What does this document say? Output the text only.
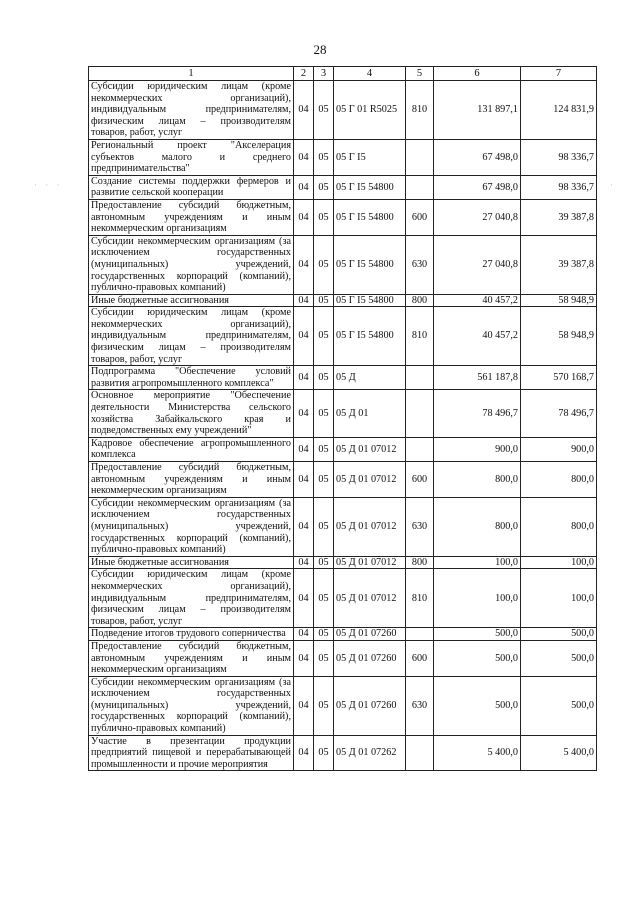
28
· · ·	·
1	2	3	4	5	6	7
Субсидии юридическим лицам (кроме некоммерческих организаций), индивидуальным предпринимателям, физическим лицам – производителям товаров, работ, услуг	04	05	05 Г 01 R5025	810	131 897,1	124 831,9
Региональный проект "Акселерация субъектов малого и среднего предпринимательства"	04	05	05 Г I5		67 498,0	98 336,7
Создание системы поддержки фермеров и развитие сельской кооперации	04	05	05 Г I5 54800		67 498,0	98 336,7
Предоставление субсидий бюджетным, автономным учреждениям и иным некоммерческим организациям	04	05	05 Г I5 54800	600	27 040,8	39 387,8
Субсидии некоммерческим организациям (за исключением государственных (муниципальных) учреждений, государственных корпораций (компаний), публично-правовых компаний)	04	05	05 Г I5 54800	630	27 040,8	39 387,8
Иные бюджетные ассигнования	04	05	05 Г I5 54800	800	40 457,2	58 948,9
Субсидии юридическим лицам (кроме некоммерческих организаций), индивидуальным предпринимателям, физическим лицам – производителям товаров, работ, услуг	04	05	05 Г I5 54800	810	40 457,2	58 948,9
Подпрограмма "Обеспечение условий развития агропромышленного комплекса"	04	05	05 Д		561 187,8	570 168,7
Основное мероприятие "Обеспечение деятельности Министерства сельского хозяйства Забайкальского края и подведомственных ему учреждений"	04	05	05 Д 01		78 496,7	78 496,7
Кадровое обеспечение агропромышленного комплекса	04	05	05 Д 01 07012		900,0	900,0
Предоставление субсидий бюджетным, автономным учреждениям и иным некоммерческим организациям	04	05	05 Д 01 07012	600	800,0	800,0
Субсидии некоммерческим организациям (за исключением государственных (муниципальных) учреждений, государственных корпораций (компаний), публично-правовых компаний)	04	05	05 Д 01 07012	630	800,0	800,0
Иные бюджетные ассигнования	04	05	05 Д 01 07012	800	100,0	100,0
Субсидии юридическим лицам (кроме некоммерческих организаций), индивидуальным предпринимателям, физическим лицам – производителям товаров, работ, услуг	04	05	05 Д 01 07012	810	100,0	100,0
Подведение итогов трудового соперничества	04	05	05 Д 01 07260		500,0	500,0
Предоставление субсидий бюджетным, автономным учреждениям и иным некоммерческим организациям	04	05	05 Д 01 07260	600	500,0	500,0
Субсидии некоммерческим организациям (за исключением государственных (муниципальных) учреждений, государственных корпораций (компаний), публично-правовых компаний)	04	05	05 Д 01 07260	630	500,0	500,0
Участие в презентации продукции предприятий пищевой и перерабатывающей промышленности и прочие мероприятия	04	05	05 Д 01 07262		5 400,0	5 400,0
